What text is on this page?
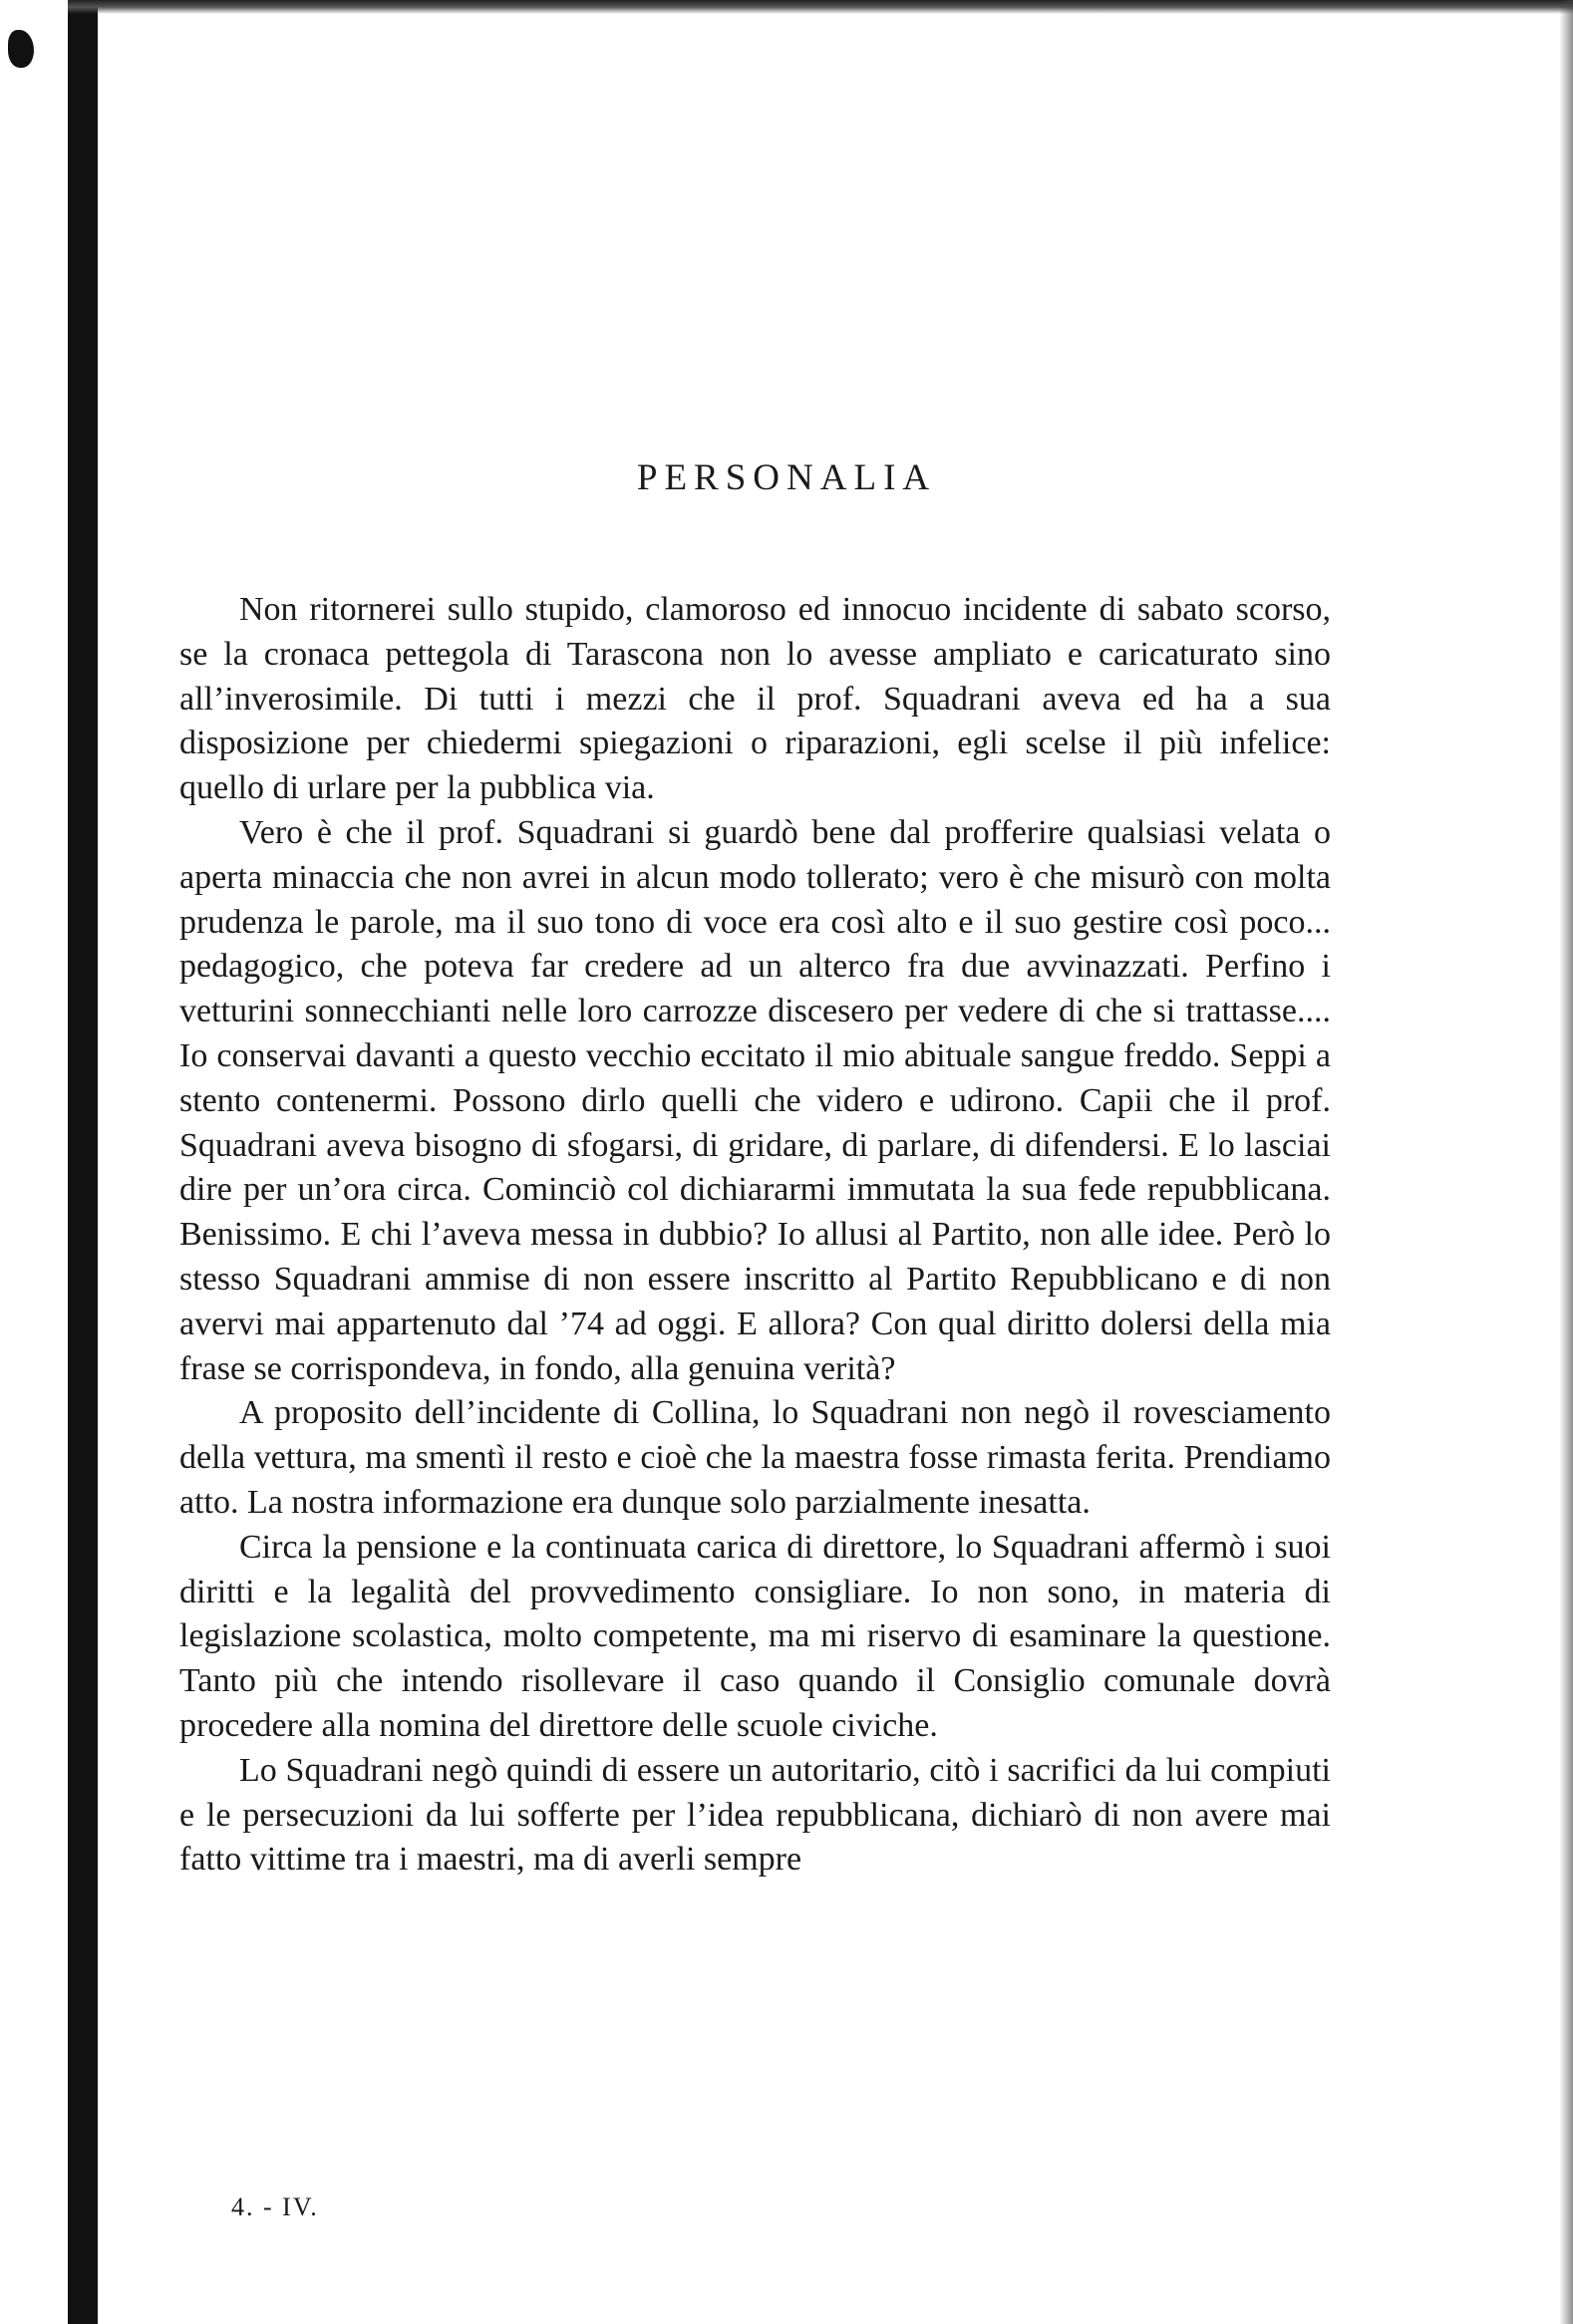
PERSONALIA

Non ritornerei sullo stupido, clamoroso ed innocuo incidente di sabato scorso, se la cronaca pettegola di Tarascona non lo avesse ampliato e caricaturato sino all’inverosimile. Di tutti i mezzi che il prof. Squadrani aveva ed ha a sua disposizione per chiedermi spiegazioni o riparazioni, egli scelse il più infelice: quello di urlare per la pubblica via.

Vero è che il prof. Squadrani si guardò bene dal profferire qualsiasi velata o aperta minaccia che non avrei in alcun modo tollerato; vero è che misurò con molta prudenza le parole, ma il suo tono di voce era così alto e il suo gestire così poco... pedagogico, che poteva far credere ad un alterco fra due avvinazzati. Perfino i vetturini sonnecchianti nelle loro carrozze discesero per vedere di che si trattasse.... Io conservai davanti a questo vecchio eccitato il mio abituale sangue freddo. Seppi a stento contenermi. Possono dirlo quelli che videro e udirono. Capii che il prof. Squadrani aveva bisogno di sfogarsi, di gridare, di parlare, di difendersi. E lo lasciai dire per un’ora circa. Cominciò col dichiararmi immutata la sua fede repubblicana. Benissimo. E chi l’aveva messa in dubbio? Io allusi al Partito, non alle idee. Però lo stesso Squadrani ammise di non essere inscritto al Partito Repubblicano e di non avervi mai appartenuto dal ’74 ad oggi. E allora? Con qual diritto dolersi della mia frase se corrispondeva, in fondo, alla genuina verità?

A proposito dell’incidente di Collina, lo Squadrani non negò il rovesciamento della vettura, ma smentì il resto e cioè che la maestra fosse rimasta ferita. Prendiamo atto. La nostra informazione era dunque solo parzialmente inesatta.

Circa la pensione e la continuata carica di direttore, lo Squadrani affermò i suoi diritti e la legalità del provvedimento consigliare. Io non sono, in materia di legislazione scolastica, molto competente, ma mi riservo di esaminare la questione. Tanto più che intendo risollevare il caso quando il Consiglio comunale dovrà procedere alla nomina del direttore delle scuole civiche.

Lo Squadrani negò quindi di essere un autoritario, citò i sacrifici da lui compiuti e le persecuzioni da lui sofferte per l’idea repubblicana, dichiarò di non avere mai fatto vittime tra i maestri, ma di averli sempre

4. - IV.
